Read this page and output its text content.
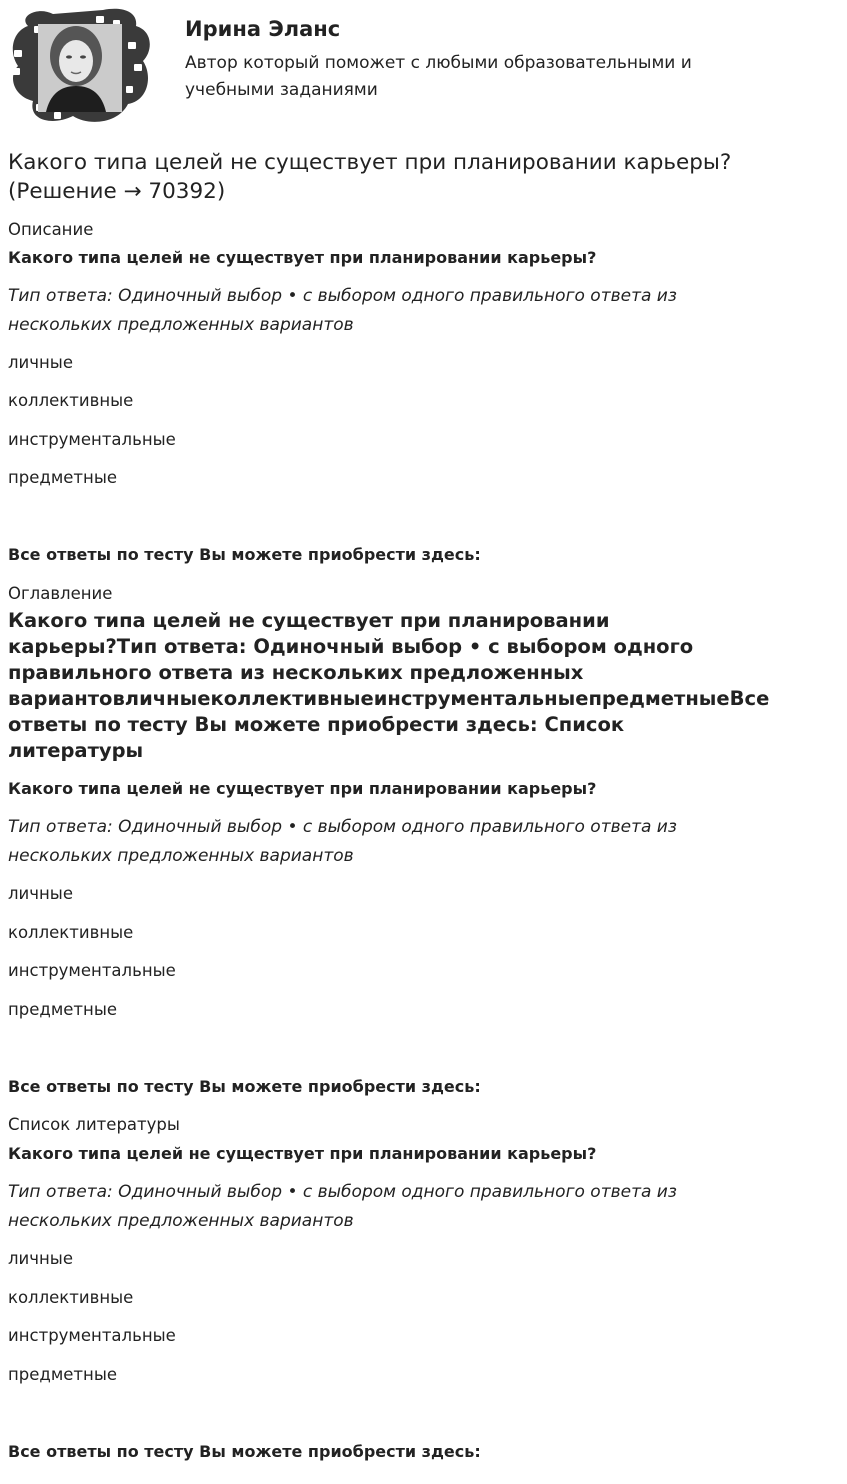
Ирина Эланс
Автор который поможет с любыми образовательными и
учебными заданиями
Какого типа целей не существует при планировании карьеры?
(Решение → 70392)
Описание
Какого типа целей не существует при планировании карьеры?
Тип ответа: Одиночный выбор • с выбором одного правильного ответа из
нескольких предложенных вариантов
личные
коллективные
инструментальные
предметные
Все ответы по тесту Вы можете приобрести здесь:
Оглавление
Какого типа целей не существует при планировании
карьеры?Тип ответа: Одиночный выбор • с выбором одного
правильного ответа из нескольких предложенных
вариантовличныеколлективныеинструментальныепредметныеВсе
ответы по тесту Вы можете приобрести здесь: Список
литературы
Какого типа целей не существует при планировании карьеры?
Тип ответа: Одиночный выбор • с выбором одного правильного ответа из
нескольких предложенных вариантов
личные
коллективные
инструментальные
предметные
Все ответы по тесту Вы можете приобрести здесь:
Список литературы
Какого типа целей не существует при планировании карьеры?
Тип ответа: Одиночный выбор • с выбором одного правильного ответа из
нескольких предложенных вариантов
личные
коллективные
инструментальные
предметные
Все ответы по тесту Вы можете приобрести здесь:
